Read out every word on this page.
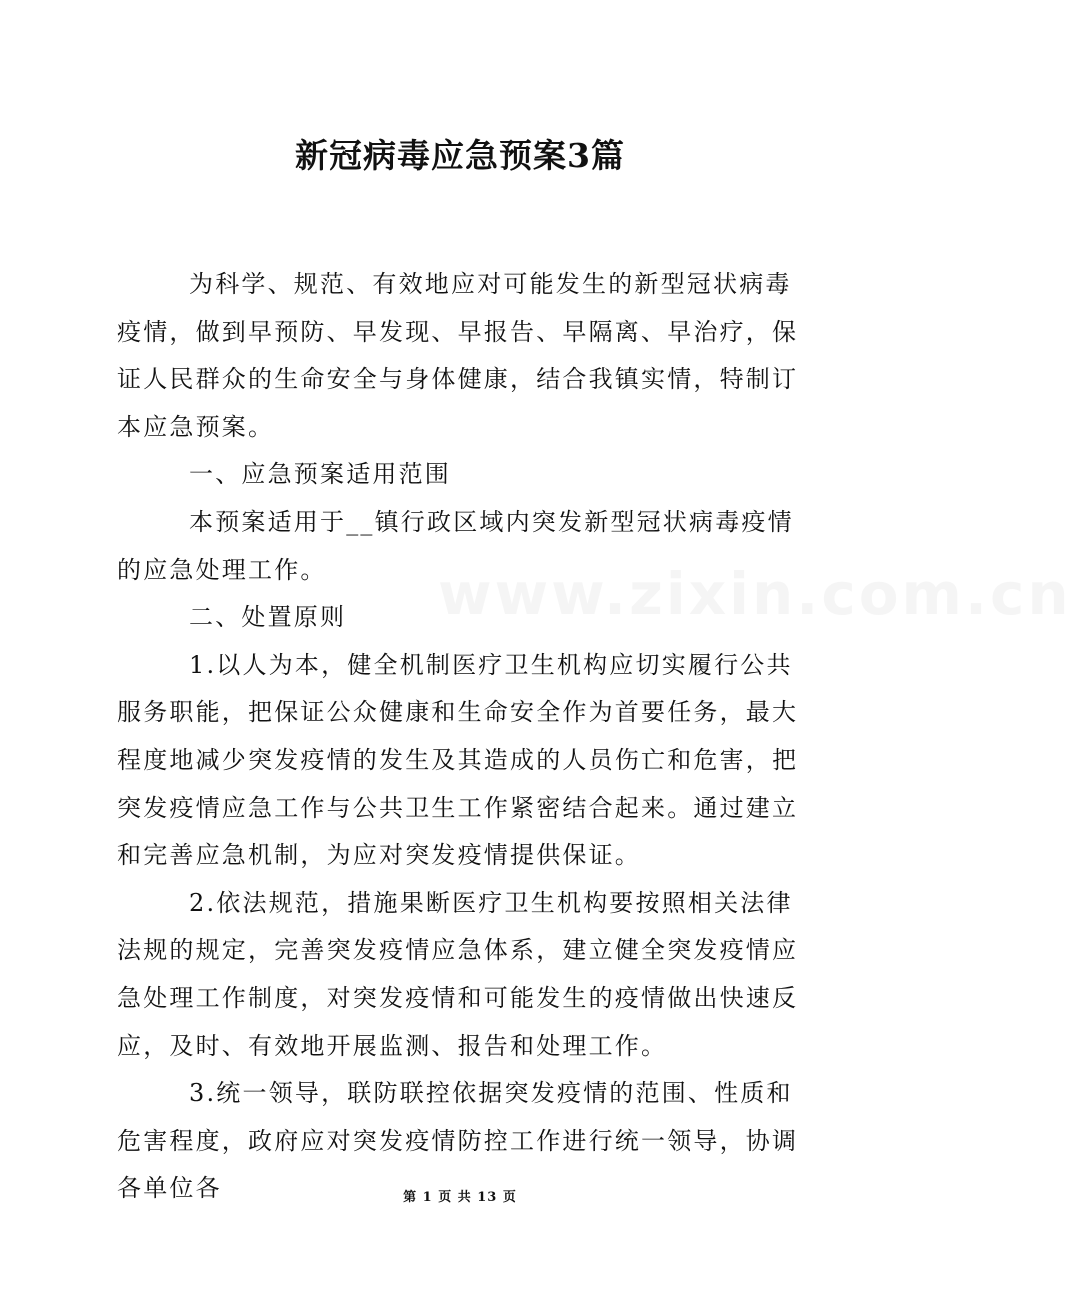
新冠病毒应急预案3篇
www.zixin.com.cn

为科学、规范、有效地应对可能发生的新型冠状病毒疫情，做到早预防、早发现、早报告、早隔离、早治疗，保证人民群众的生命安全与身体健康，结合我镇实情，特制订本应急预案。

一、应急预案适用范围

本预案适用于__镇行政区域内突发新型冠状病毒疫情的应急处理工作。

二、处置原则

1.以人为本，健全机制医疗卫生机构应切实履行公共服务职能，把保证公众健康和生命安全作为首要任务，最大程度地减少突发疫情的发生及其造成的人员伤亡和危害，把突发疫情应急工作与公共卫生工作紧密结合起来。通过建立和完善应急机制，为应对突发疫情提供保证。

2.依法规范，措施果断医疗卫生机构要按照相关法律法规的规定，完善突发疫情应急体系，建立健全突发疫情应急处理工作制度，对突发疫情和可能发生的疫情做出快速反应，及时、有效地开展监测、报告和处理工作。

3.统一领导，联防联控依据突发疫情的范围、性质和危害程度，政府应对突发疫情防控工作进行统一领导，协调各单位各	第 1 页 共 13 页
